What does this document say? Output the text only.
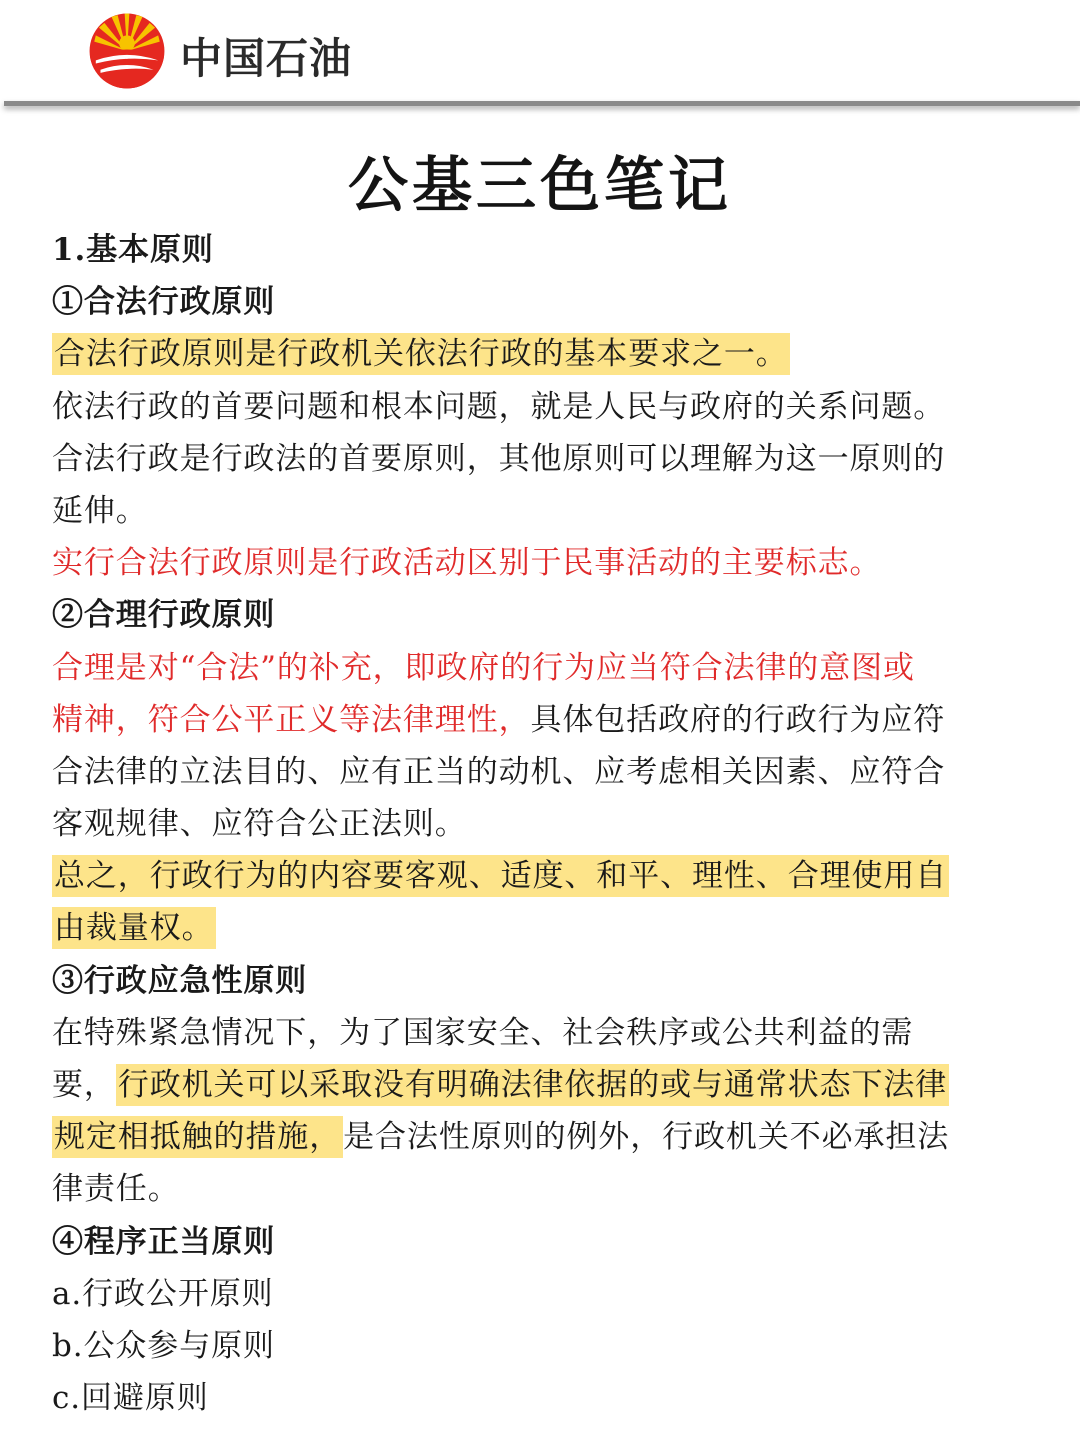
中国石油
公基三色笔记
1.基本原则
①合法行政原则
合法行政原则是行政机关依法行政的基本要求之一。
依法行政的首要问题和根本问题，就是人民与政府的关系问题。
合法行政是行政法的首要原则，其他原则可以理解为这一原则的
延伸。
实行合法行政原则是行政活动区别于民事活动的主要标志。
②合理行政原则
合理是对“合法”的补充，即政府的行为应当符合法律的意图或
精神，符合公平正义等法律理性，具体包括政府的行政行为应符
合法律的立法目的、应有正当的动机、应考虑相关因素、应符合
客观规律、应符合公正法则。
总之，行政行为的内容要客观、适度、和平、理性、合理使用自
由裁量权。
③行政应急性原则
在特殊紧急情况下，为了国家安全、社会秩序或公共利益的需
要，行政机关可以采取没有明确法律依据的或与通常状态下法律
规定相抵触的措施，是合法性原则的例外，行政机关不必承担法
律责任。
④程序正当原则
a.行政公开原则
b.公众参与原则
c.回避原则
